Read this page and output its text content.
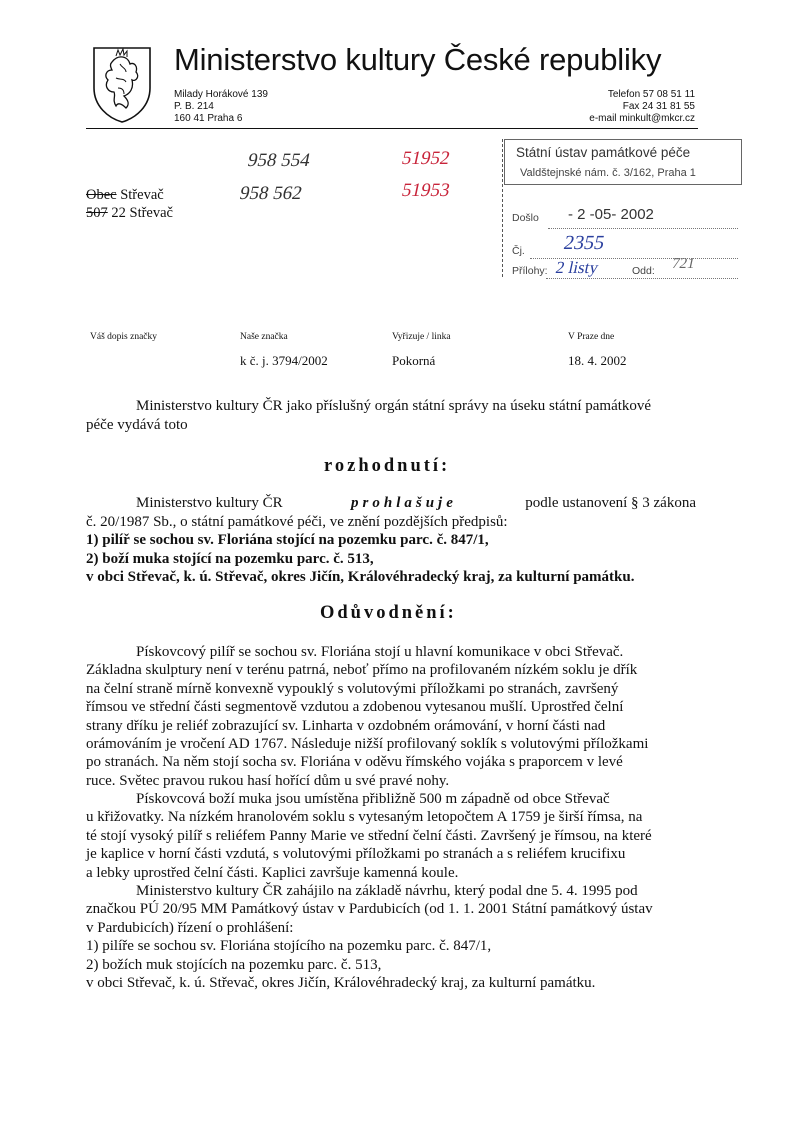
Ministerstvo kultury České republiky
Milady Horákové 139
P. B. 214
160 41 Praha 6
Telefon 57 08 51 11
Fax 24 31 81 55
e-mail minkult@mkcr.cz
958 554
958 562
51952
51953
Obec Střevač
507 22 Střevač
Státní ústav památkové péče
Valdštejnské nám. č. 3/162, Praha 1
Došlo - 2 -05- 2002
Čj. 2355
Přílohy: 2 listy	Odd: 721
Váš dopis značky	Naše značka	Vyřizuje / linka	V Praze dne
k č. j. 3794/2002	Pokorná	18. 4. 2002
Ministerstvo kultury ČR jako příslušný orgán státní správy na úseku státní památkové
péče vydává toto
rozhodnutí:
Ministerstvo kultury ČR	prohlašuje	podle ustanovení § 3 zákona
č. 20/1987 Sb., o státní památkové péči, ve znění pozdějších předpisů:
1) pilíř se sochou sv. Floriána stojící na pozemku parc. č. 847/1,
2) boží muka stojící na pozemku parc. č. 513,
v obci Střevač, k. ú. Střevač, okres Jičín, Královéhradecký kraj, za kulturní památku.
Odůvodnění:
Pískovcový pilíř se sochou sv. Floriána stojí u hlavní komunikace v obci Střevač.
Základna skulptury není v terénu patrná, neboť přímo na profilovaném nízkém soklu je dřík
na čelní straně mírně konvexně vypouklý s volutovými příložkami po stranách, završený
římsou ve střední části segmentově vzdutou a zdobenou vytesanou mušlí. Uprostřed čelní
strany dříku je reliéf zobrazující sv. Linharta v ozdobném orámování, v horní části nad
orámováním je vročení AD 1767. Následuje nižší profilovaný soklík s volutovými příložkami
po stranách. Na něm stojí socha sv. Floriána v oděvu římského vojáka s praporcem v levé
ruce. Světec pravou rukou hasí hořící dům u své pravé nohy.
Pískovcová boží muka jsou umístěna přibližně 500 m západně od obce Střevač
u křižovatky. Na nízkém hranolovém soklu s vytesaným letopočtem A 1759 je širší římsa, na
té stojí vysoký pilíř s reliéfem Panny Marie ve střední čelní části. Završený je římsou, na které
je kaplice v horní části vzdutá, s volutovými příložkami po stranách a s reliéfem krucifixu
a lebky uprostřed čelní části. Kaplici završuje kamenná koule.
Ministerstvo kultury ČR zahájilo na základě návrhu, který podal dne 5. 4. 1995 pod
značkou PÚ 20/95 MM Památkový ústav v Pardubicích (od 1. 1. 2001 Státní památkový ústav
v Pardubicích) řízení o prohlášení:
1) pilíře se sochou sv. Floriána stojícího na pozemku parc. č. 847/1,
2) božích muk stojících na pozemku parc. č. 513,
v obci Střevač, k. ú. Střevač, okres Jičín, Královéhradecký kraj, za kulturní památku.
